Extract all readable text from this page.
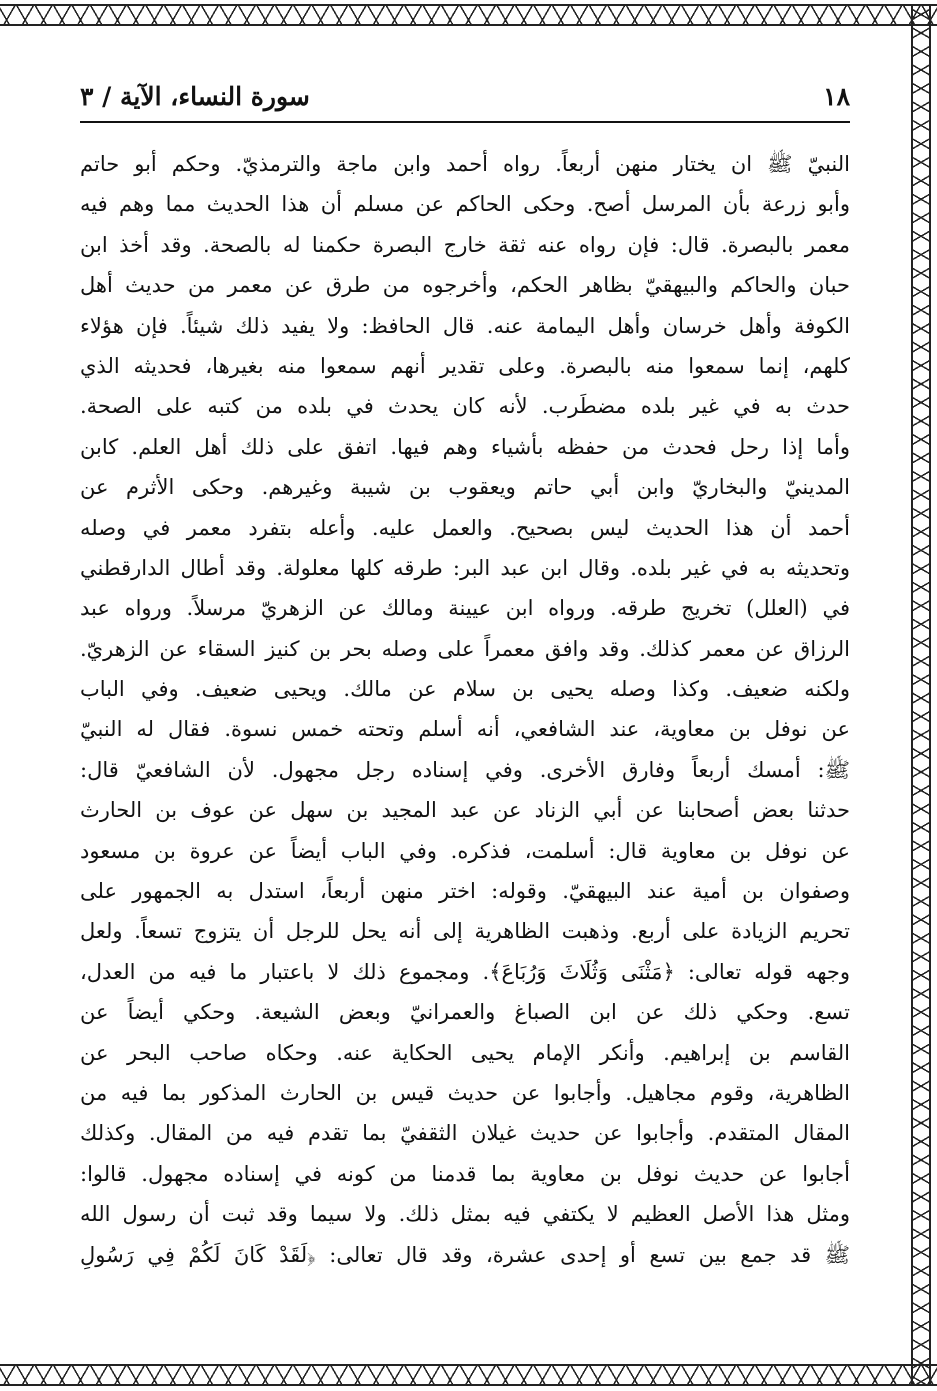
١٨
سورة النساء، الآية / ٣
النبيّ ﷺ ان يختار منهن أربعاً. رواه أحمد وابن ماجة والترمذيّ. وحكم أبو حاتم
وأبو زرعة بأن المرسل أصح. وحكى الحاكم عن مسلم أن هذا الحديث مما وهم فيه
معمر بالبصرة. قال: فإن رواه عنه ثقة خارج البصرة حكمنا له بالصحة. وقد أخذ ابن
حبان والحاكم والبيهقيّ بظاهر الحكم، وأخرجوه من طرق عن معمر من حديث أهل
الكوفة وأهل خرسان وأهل اليمامة عنه. قال الحافظ: ولا يفيد ذلك شيئاً. فإن هؤلاء
كلهم، إنما سمعوا منه بالبصرة. وعلى تقدير أنهم سمعوا منه بغيرها، فحديثه الذي
حدث به في غير بلده مضطَرب. لأنه كان يحدث في بلده من كتبه على الصحة.
وأما إذا رحل فحدث من حفظه بأشياء وهم فيها. اتفق على ذلك أهل العلم. كابن
المدينيّ والبخاريّ وابن أبي حاتم ويعقوب بن شيبة وغيرهم. وحكى الأثرم عن
أحمد أن هذا الحديث ليس بصحيح. والعمل عليه. وأعله بتفرد معمر في وصله
وتحديثه به في غير بلده. وقال ابن عبد البر: طرقه كلها معلولة. وقد أطال الدارقطني
في (العلل) تخريج طرقه. ورواه ابن عيينة ومالك عن الزهريّ مرسلاً. ورواه عبد
الرزاق عن معمر كذلك. وقد وافق معمراً على وصله بحر بن كنيز السقاء عن الزهريّ.
ولكنه ضعيف. وكذا وصله يحيى بن سلام عن مالك. ويحيى ضعيف. وفي الباب
عن نوفل بن معاوية، عند الشافعي، أنه أسلم وتحته خمس نسوة. فقال له النبيّ
ﷺ: أمسك أربعاً وفارق الأخرى. وفي إسناده رجل مجهول. لأن الشافعيّ قال:
حدثنا بعض أصحابنا عن أبي الزناد عن عبد المجيد بن سهل عن عوف بن الحارث
عن نوفل بن معاوية قال: أسلمت، فذكره. وفي الباب أيضاً عن عروة بن مسعود
وصفوان بن أمية عند البيهقيّ. وقوله: اختر منهن أربعاً، استدل به الجمهور على
تحريم الزيادة على أربع. وذهبت الظاهرية إلى أنه يحل للرجل أن يتزوج تسعاً. ولعل
وجهه قوله تعالى: ﴿مَثْنَى وَثُلَاثَ وَرُبَاعَ﴾. ومجموع ذلك لا باعتبار ما فيه من العدل،
تسع. وحكي ذلك عن ابن الصباغ والعمرانيّ وبعض الشيعة. وحكي أيضاً عن
القاسم بن إبراهيم. وأنكر الإمام يحيى الحكاية عنه. وحكاه صاحب البحر عن
الظاهرية، وقوم مجاهيل. وأجابوا عن حديث قيس بن الحارث المذكور بما فيه من
المقال المتقدم. وأجابوا عن حديث غيلان الثقفيّ بما تقدم فيه من المقال. وكذلك
أجابوا عن حديث نوفل بن معاوية بما قدمنا من كونه في إسناده مجهول. قالوا:
ومثل هذا الأصل العظيم لا يكتفي فيه بمثل ذلك. ولا سيما وقد ثبت أن رسول الله
ﷺ قد جمع بين تسع أو إحدى عشرة، وقد قال تعالى: ﴿لَقَدْ كَانَ لَكُمْ فِي رَسُولِ
